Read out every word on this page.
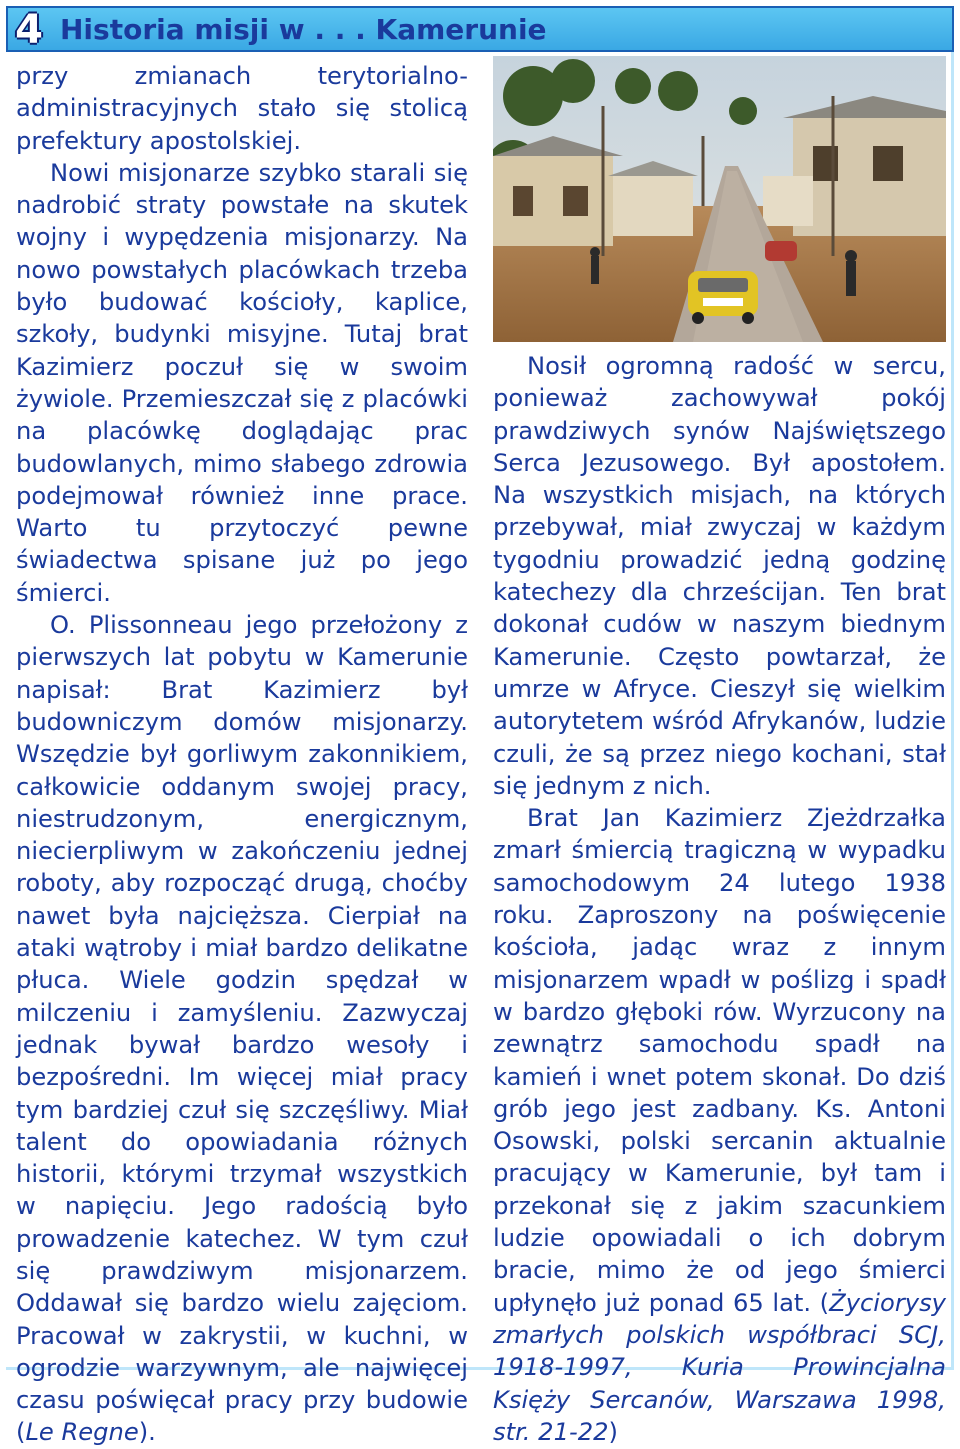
4 Historia misji w . . . Kamerunie

przy zmianach terytorialno-administracyjnych stało się stolicą prefektury apostolskiej.

Nowi misjonarze szybko starali się nadrobić straty powstałe na skutek wojny i wypędzenia misjonarzy. Na nowo powstałych placówkach trzeba było budować kościoły, kaplice, szkoły, budynki misyjne. Tutaj brat Kazimierz poczuł się w swoim żywiole. Przemieszczał się z placówki na placówkę doglądając prac budowlanych, mimo słabego zdrowia podejmował również inne prace. Warto tu przytoczyć pewne świadectwa spisane już po jego śmierci.

O. Plissonneau jego przełożony z pierwszych lat pobytu w Kamerunie napisał: Brat Kazimierz był budowniczym domów misjonarzy. Wszędzie był gorliwym zakonnikiem, całkowicie oddanym swojej pracy, niestrudzonym, energicznym, niecierpliwym w zakończeniu jednej roboty, aby rozpocząć drugą, choćby nawet była najcięższa. Cierpiał na ataki wątroby i miał bardzo delikatne płuca. Wiele godzin spędzał w milczeniu i zamyśleniu. Zazwyczaj jednak bywał bardzo wesoły i bezpośredni. Im więcej miał pracy tym bardziej czuł się szczęśliwy. Miał talent do opowiadania różnych historii, którymi trzymał wszystkich w napięciu. Jego radością było prowadzenie katechez. W tym czuł się prawdziwym misjonarzem. Oddawał się bardzo wielu zajęciom. Pracował w zakrystii, w kuchni, w ogrodzie warzywnym, ale najwięcej czasu poświęcał pracy przy budowie (Le Regne).

Nosił ogromną radość w sercu, ponieważ zachowywał pokój prawdziwych synów Najświętszego Serca Jezusowego. Był apostołem. Na wszystkich misjach, na których przebywał, miał zwyczaj w każdym tygodniu prowadzić jedną godzinę katechezy dla chrześcijan. Ten brat dokonał cudów w naszym biednym Kamerunie. Często powtarzał, że umrze w Afryce. Cieszył się wielkim autorytetem wśród Afrykanów, ludzie czuli, że są przez niego kochani, stał się jednym z nich.

Brat Jan Kazimierz Zjeżdrzałka zmarł śmiercią tragiczną w wypadku samochodowym 24 lutego 1938 roku. Zaproszony na poświęcenie kościoła, jadąc wraz z innym misjonarzem wpadł w poślizg i spadł w bardzo głęboki rów. Wyrzucony na zewnątrz samochodu spadł na kamień i wnet potem skonał. Do dziś grób jego jest zadbany. Ks. Antoni Osowski, polski sercanin aktualnie pracujący w Kamerunie, był tam i przekonał się z jakim szacunkiem ludzie opowiadali o ich dobrym bracie, mimo że od jego śmierci upłynęło już ponad 65 lat. (Życiorysy zmarłych polskich współbraci SCJ, 1918-1997, Kuria Prowincjalna Księży Sercanów, Warszawa 1998, str. 21-22)
